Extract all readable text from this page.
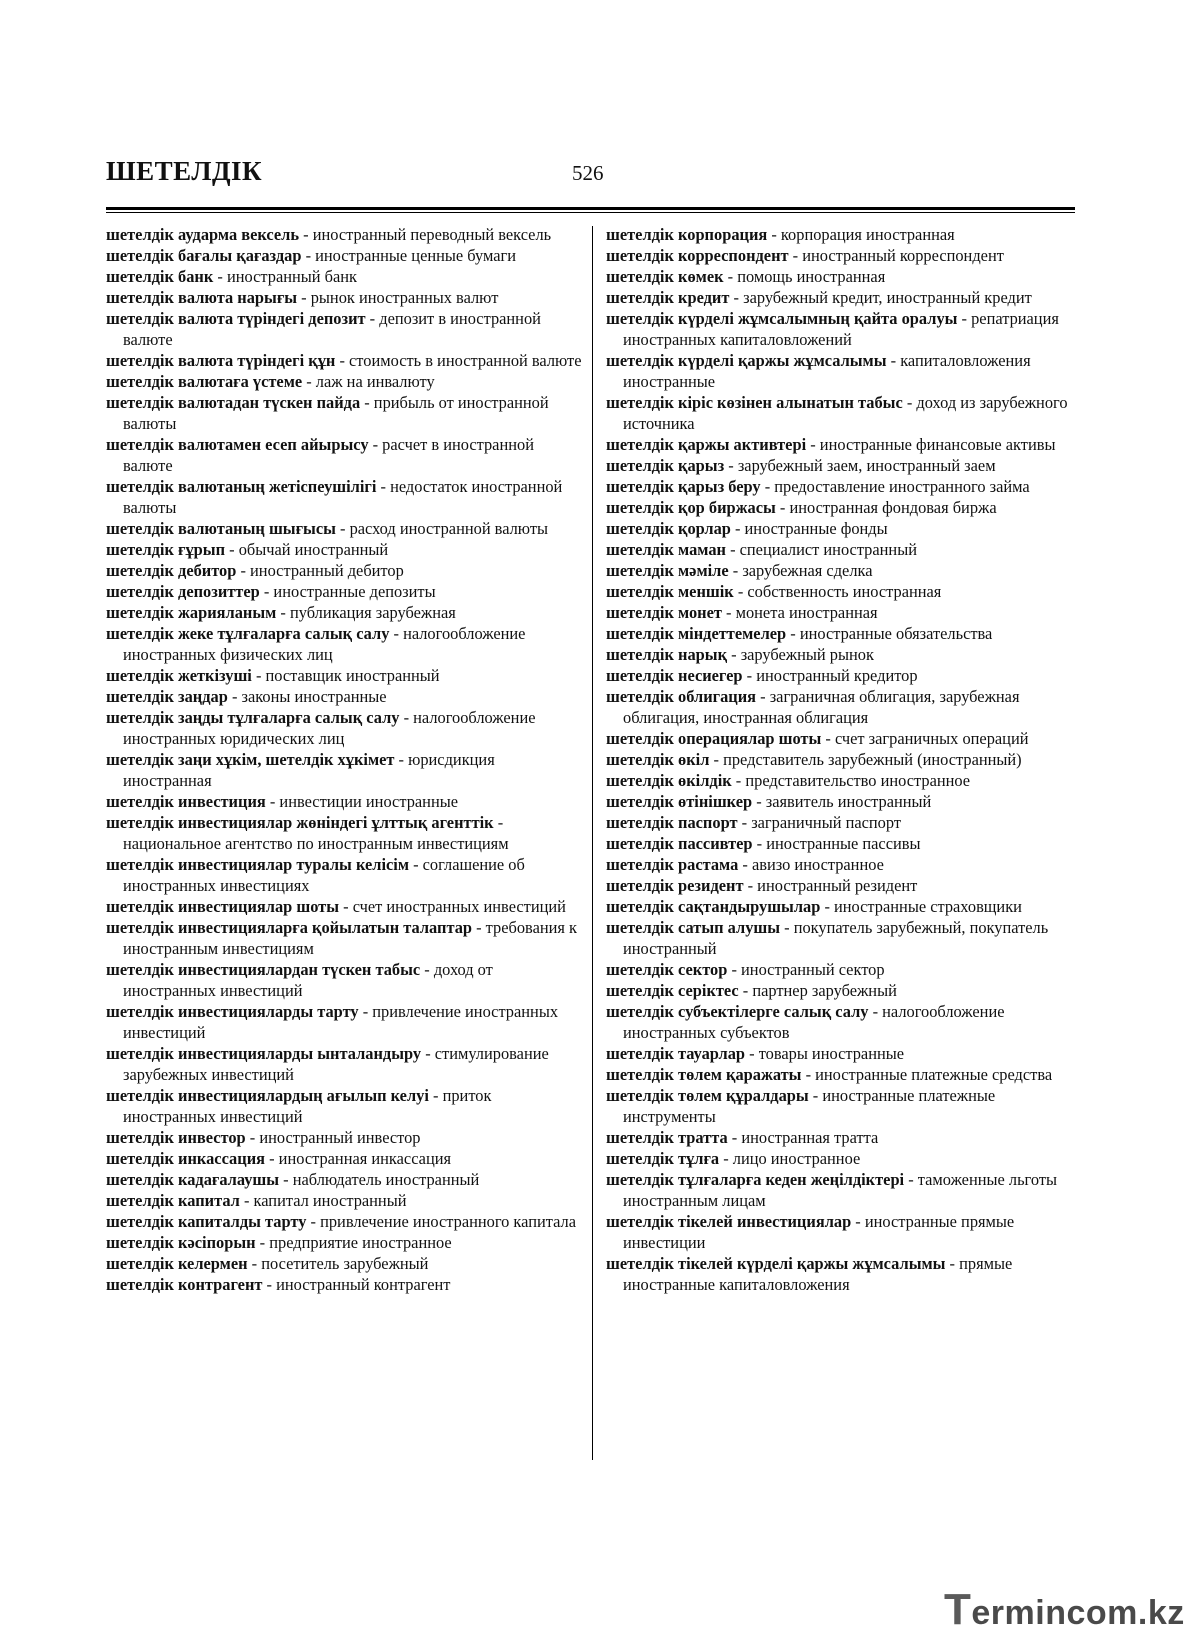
ШЕТЕЛДІК	526
шетелдік аударма вексель - иностранный переводный вексель
шетелдік бағалы қағаздар - иностранные ценные бумаги
шетелдік банк - иностранный банк
шетелдік валюта нарығы - рынок иностранных валют
шетелдік валюта түріндегі депозит - депозит в иностранной валюте
шетелдік валюта түріндегі құн - стоимость в иностранной валюте
шетелдік валютаға үстеме - лаж на инвалюту
шетелдік валютадан түскен пайда - прибыль от иностранной валюты
шетелдік валютамен есеп айырысу - расчет в иностранной валюте
шетелдік валютаның жетіспеушілігі - недостаток иностранной валюты
шетелдік валютаның шығысы - расход иностранной валюты
шетелдік ғұрып - обычай иностранный
шетелдік дебитор - иностранный дебитор
шетелдік депозиттер - иностранные депозиты
шетелдік жарияланым - публикация зарубежная
шетелдік жеке тұлғаларға салық салу - налогообложение иностранных физических лиц
шетелдік жеткізуші - поставщик иностранный
шетелдік заңдар - законы иностранные
шетелдік заңды тұлғаларға салық салу - налогообложение иностранных юридических лиц
шетелдік заңи хұкім, шетелдік хұкімет - юрисдикция иностранная
шетелдік инвестиция - инвестиции иностранные
шетелдік инвестициялар жөніндегі ұлттық агенттік - национальное агентство по иностранным инвестициям
шетелдік инвестициялар туралы келісім - соглашение об иностранных инвестициях
шетелдік инвестициялар шоты - счет иностранных инвестиций
шетелдік инвестицияларға қойылатын талаптар - требования к иностранным инвестициям
шетелдік инвестициялардан түскен табыс - доход от иностранных инвестиций
шетелдік инвестицияларды тарту - привлечение иностранных инвестиций
шетелдік инвестицияларды ынталандыру - стимулирование зарубежных инвестиций
шетелдік инвестициялардың ағылып келуі - приток иностранных инвестиций
шетелдік инвестор - иностранный инвестор
шетелдік инкассация - иностранная инкассация
шетелдік кадағалаушы - наблюдатель иностранный
шетелдік капитал - капитал иностранный
шетелдік капиталды тарту - привлечение иностранного капитала
шетелдік кәсіпорын - предприятие иностранное
шетелдік келермен - посетитель зарубежный
шетелдік контрагент - иностранный контрагент
шетелдік корпорация - корпорация иностранная
шетелдік корреспондент - иностранный корреспондент
шетелдік көмек - помощь иностранная
шетелдік кредит - зарубежный кредит, иностранный кредит
шетелдік күрделі жұмсалымның қайта оралуы - репатриация иностранных капиталовложений
шетелдік күрделі қаржы жұмсалымы - капиталовложения иностранные
шетелдік кіріс көзінен алынатын табыс - доход из зарубежного источника
шетелдік қаржы активтері - иностранные финансовые активы
шетелдік қарыз - зарубежный заем, иностранный заем
шетелдік қарыз беру - предоставление иностранного займа
шетелдік қор биржасы - иностранная фондовая биржа
шетелдік қорлар - иностранные фонды
шетелдік маман - специалист иностранный
шетелдік мәміле - зарубежная сделка
шетелдік меншік - собственность иностранная
шетелдік монет - монета иностранная
шетелдік міндеттемелер - иностранные обязательства
шетелдік нарық - зарубежный рынок
шетелдік несиегер - иностранный кредитор
шетелдік облигация - заграничная облигация, зарубежная облигация, иностранная облигация
шетелдік операциялар шоты - счет заграничных операций
шетелдік өкіл - представитель зарубежный (иностранный)
шетелдік өкілдік - представительство иностранное
шетелдік өтінішкер - заявитель иностранный
шетелдік паспорт - заграничный паспорт
шетелдік пассивтер - иностранные пассивы
шетелдік растама - авизо иностранное
шетелдік резидент - иностранный резидент
шетелдік сақтандырушылар - иностранные страховщики
шетелдік сатып алушы - покупатель зарубежный, покупатель иностранный
шетелдік сектор - иностранный сектор
шетелдік серіктес - партнер зарубежный
шетелдік субъектілерге салық салу - налогообложение иностранных субъектов
шетелдік тауарлар - товары иностранные
шетелдік төлем қаражаты - иностранные платежные средства
шетелдік төлем құралдары - иностранные платежные инструменты
шетелдік тратта - иностранная тратта
шетелдік тұлға - лицо иностранное
шетелдік тұлғаларға кеден жеңілдіктері - таможенные льготы иностранным лицам
шетелдік тікелей инвестициялар - иностранные прямые инвестиции
шетелдік тікелей күрделі қаржы жұмсалымы - прямые иностранные капиталовложения
Termincom.kz
